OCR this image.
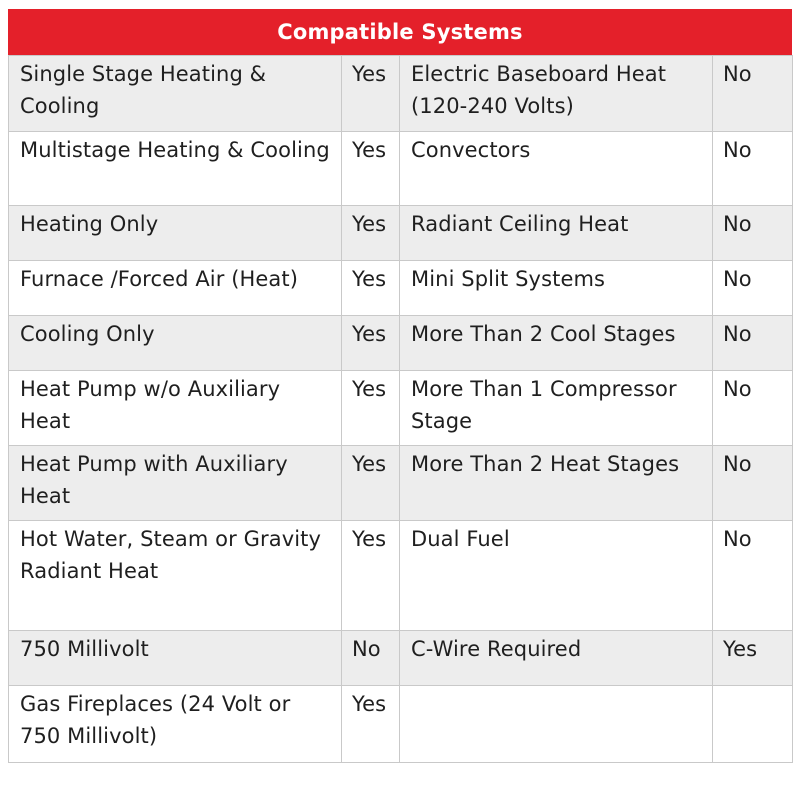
Compatible Systems
Single Stage Heating & Cooling	Yes	Electric Baseboard Heat (120-240 Volts)	No
Multistage Heating & Cooling	Yes	Convectors	No
Heating Only	Yes	Radiant Ceiling Heat	No
Furnace /Forced Air (Heat)	Yes	Mini Split Systems	No
Cooling Only	Yes	More Than 2 Cool Stages	No
Heat Pump w/o Auxiliary Heat	Yes	More Than 1 Compressor Stage	No
Heat Pump with Auxiliary Heat	Yes	More Than 2 Heat Stages	No
Hot Water, Steam or Gravity Radiant Heat	Yes	Dual Fuel	No
750 Millivolt	No	C-Wire Required	Yes
Gas Fireplaces (24 Volt or 750 Millivolt)	Yes		
